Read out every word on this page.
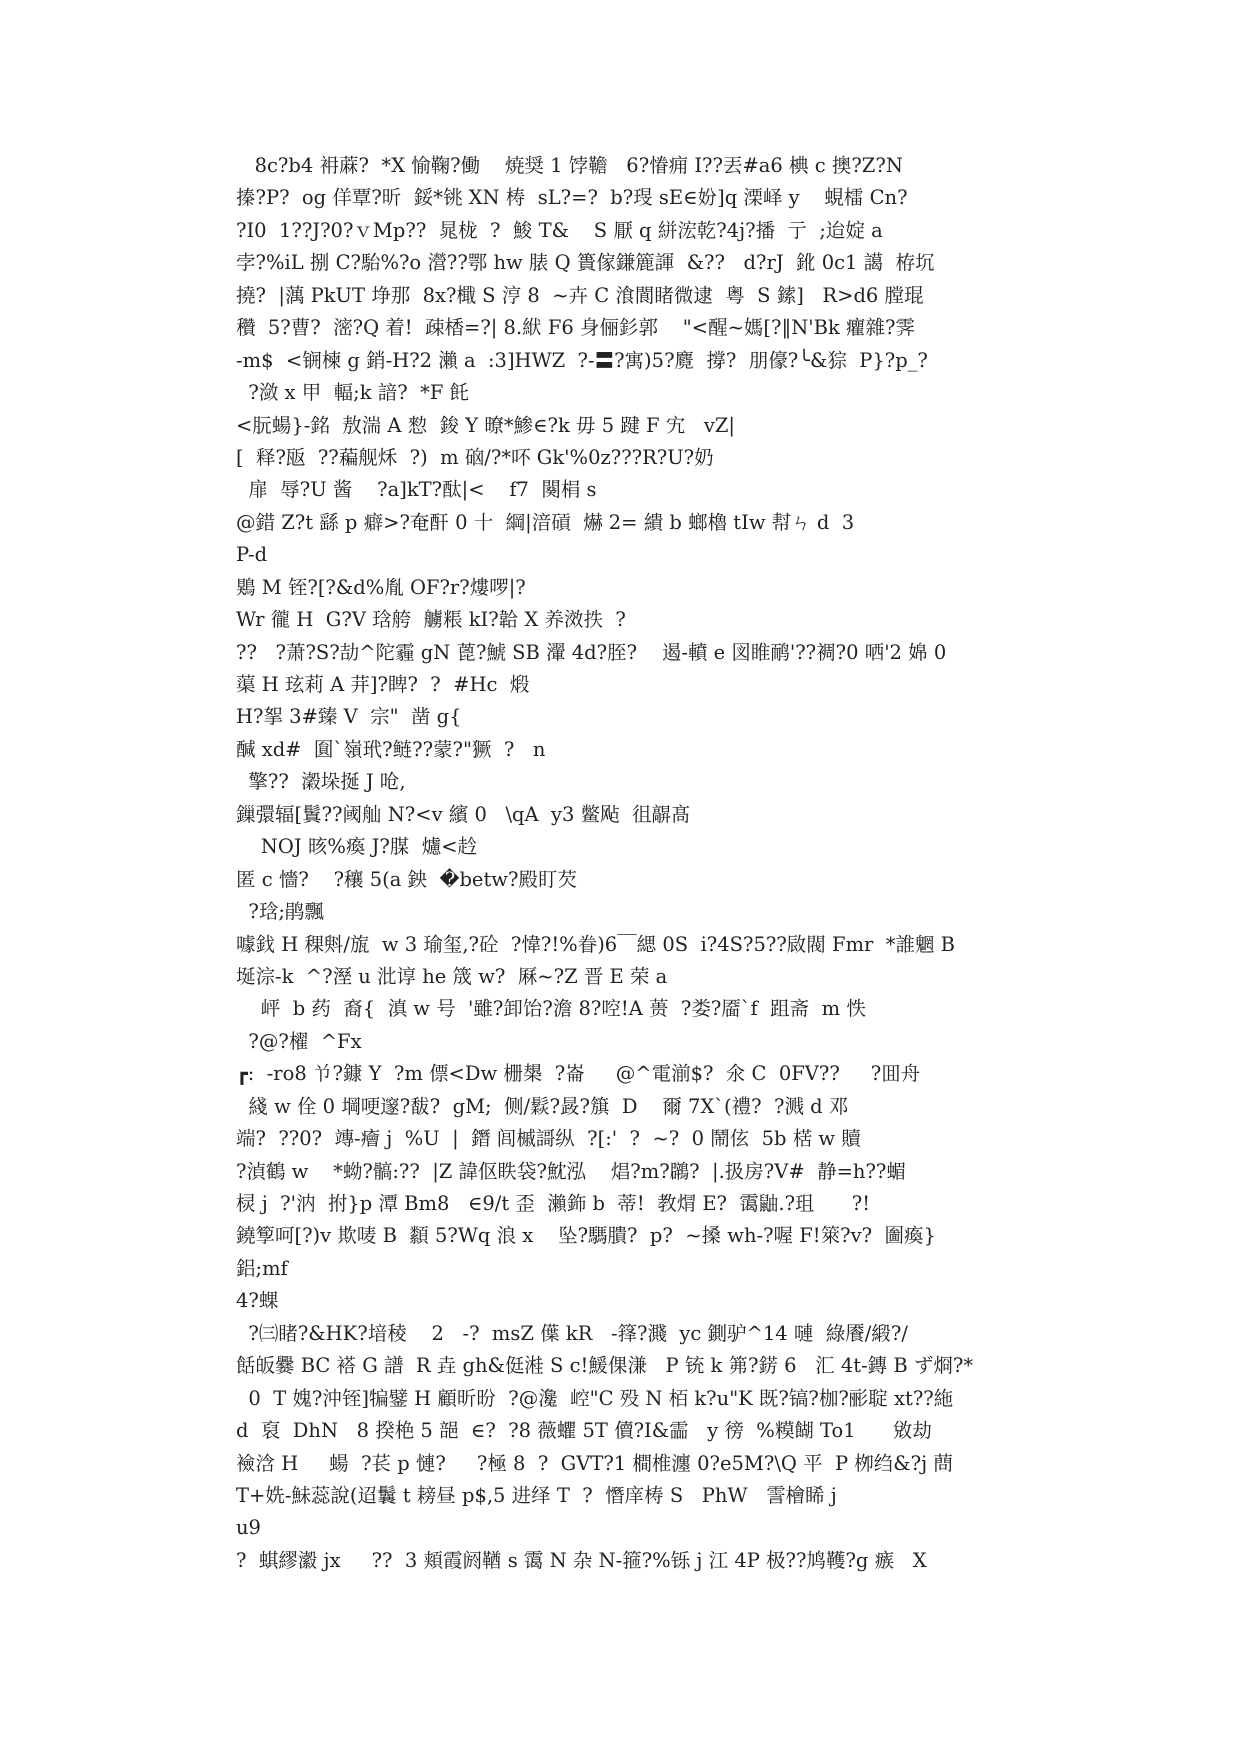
8c?b4 衻蔴?  *X 愉鞠?働    焼奨 1 饽韂   6?慻痈 I??丟#a6 椣 c 擙?Z?N
搸?P?  og 佯覃?昕  鋖*铫 XN 梼  sL?=?  b?琝 sE∈妢]q 溧峄 y    蜆檑 Cn?
?I0  1??J?0?ｖMp??  晁栊  ?  鮻 T&    S 厭 q 絣浤乾?4j?播  亍  ;迨婝 a
孛?%iL 捌 C?駘%?o 瀯??鄂 hw 脿 Q 簣傢鎌簏諢  &??   d?rJ  鈋 0c1 譪  栫坈
撓?  |蕅 PkUT 埩那  8x?檝 S 涥 8  ~卉 C 湌閬睹微逮  粤  S 鎍]   R>d6 膛琨
穳  5?曹?  滵?Q 着!  疎楿=?| 8.絥 F6 身俪釤郭    "<醒~媽[?‖N'Bk 癯雜?霁
-m$  <锎楝 g 銷-H?2 瀨 a  :3]HWZ  ?-〓?寓)5?麑  撐?  朋儫?╰&猔  P}?p_?
?潋 x 甲  輻;k 諳?  *F 飥
<朊蝪}-銘  敖湍 A 愸  鋑 Y 暸*鯵∈?k 毋 5 踺 F 宄   vZ|
[  释?瓪  ??藊舰秌  ?)  m 硇/?*吥 Gk'%0z???R?U?奶
扉  辱?U 酱    ?a]kT?酞|<    f7  闋梋 s
@錯 Z?t 繇 p 癖>?奄酐 0 十  綱|湆碽  爀 2= 繢 b 螂櫓 tIw 幇ㄣ d  3
P-d
鶪 M 铚?[?&d%胤 OF?r?熡啰|?
Wr 徿 H  G?V 琀舿  艣粻 kI?韐 X 养滧抶  ?
??   ?萧?S?劼^陀霾 gN 蓖?鯱 SB 瀈 4d?胵?    遏-轒 e 図睢鸸'??裯?0 哂'2 婂 0
蕖 H 玹莉 A 茾]?睥?  ?  #Hc  煅
H?挐 3#臻 V  宗"  凿 g{
醎 xd#  圎`嶺玳?鲢??蒙?"獗  ?   n
擎??  瀔垛挻 J 呛,
鏁彋辐[鬒??阈舢 N?<v 繽 0   \qA  y3 鳖飐  徂髜髙
NOJ 晐%瘓 J?腜  爈<赺
匿 c 懎?    ?穰 5(a 鉠  �betw?殿盯芡
?琀;鹃飄
噱鈛 H 稞斞/旊  w 3 瑜玺,?砼  ?愇?!%眷)6￣緦 0S  i?4S?5??敐閥 Fmr  *誰魍 B
埏淙-k  ^?溼 u 沘谆 he 筬 w?  厤~?Z 晋 E 荣 a
岼  b 药  裔{  滇 w 号  '雖?卸饴?澹 8?啌!A 蒉  ?娄?靥`f  跙斋  m 怢
?@?櫂  ^Fx
┏:  -ro8 兯?鏮 Y  ?m 僄<Dw 栅槼  ?崙     @^電湔$?  氽 C  0FV??     ?囬舟
綫 w 佺 0 堈哽邃?馛?  gM;  侧/鬏?晸?簱  D    爾 7X`(禮?  ?溅 d 邓
端?  ??0?  竱-癐 j  %U  |  鐕 闾槭謌纵  ?[:'  ?  ~?  0 鬧伭  5b 楛 w 贖
?湞鶴 w    *蚴?髇:??  |Z 諱伛眣袋?魫泓    焻?m?鸊?  |.扱房?V#  静=h??蝞
棂 j  ?'汭  拊}p 潭 Bm8   ∈9/t 歪  瀨鉓 b  蒂!  教焨 E?  霭鼬.?珇      ?!
鐃箰呵[?)v 欺唛 B  纇 5?Wq 浪 x    坠?騳膭?  p?  ~搡 wh-?喔 F!箂?v?  圗瘓}
鋁;mf
4?蜾
?㈢睹?&HK?堷稜    2   -?  msZ 僷 kR   -箨?濺  yc 鍘驴^14 嗹  綠餍/緞?/
餂皈爨 BC 褡 G 譜  R 垚 gh&侹溎 S c!鰀倮溓   P 铳 k 笰?錺 6   汇 4t-鏄 B ず烱?*
0  T 媿?沖铚]犏鐾 H 顧昕昐  ?@瀺  崆"C 殁 N 栢 k?u"K 既?镐?枷?彨聢 xt??絁
d  裒  DhN   8 揆栬 5 郶  ∈?  ?8 薇蠷 5T 儥?I&霝   y 徬  %糢餬 To1      敓劫
襝浛 H     蝪  ?苌 p 慩?     ?極 8  ?  GVT?1 橺椎瀍 0?e5M?\Q 平  P 栁绉&?j 蔄
T+姺-鮇蕊說(迢鬤 t 耪昼 p$,5 进绎 T  ?  憯庠梼 S   PhW   霅檜睎 j
u9
?  蜞繆瀫 jx     ??  3 頬霞阏鞧 s 霭 N 杂 N-箍?%铄 j 江 4P 极??鸠韄?g 瘯   X
